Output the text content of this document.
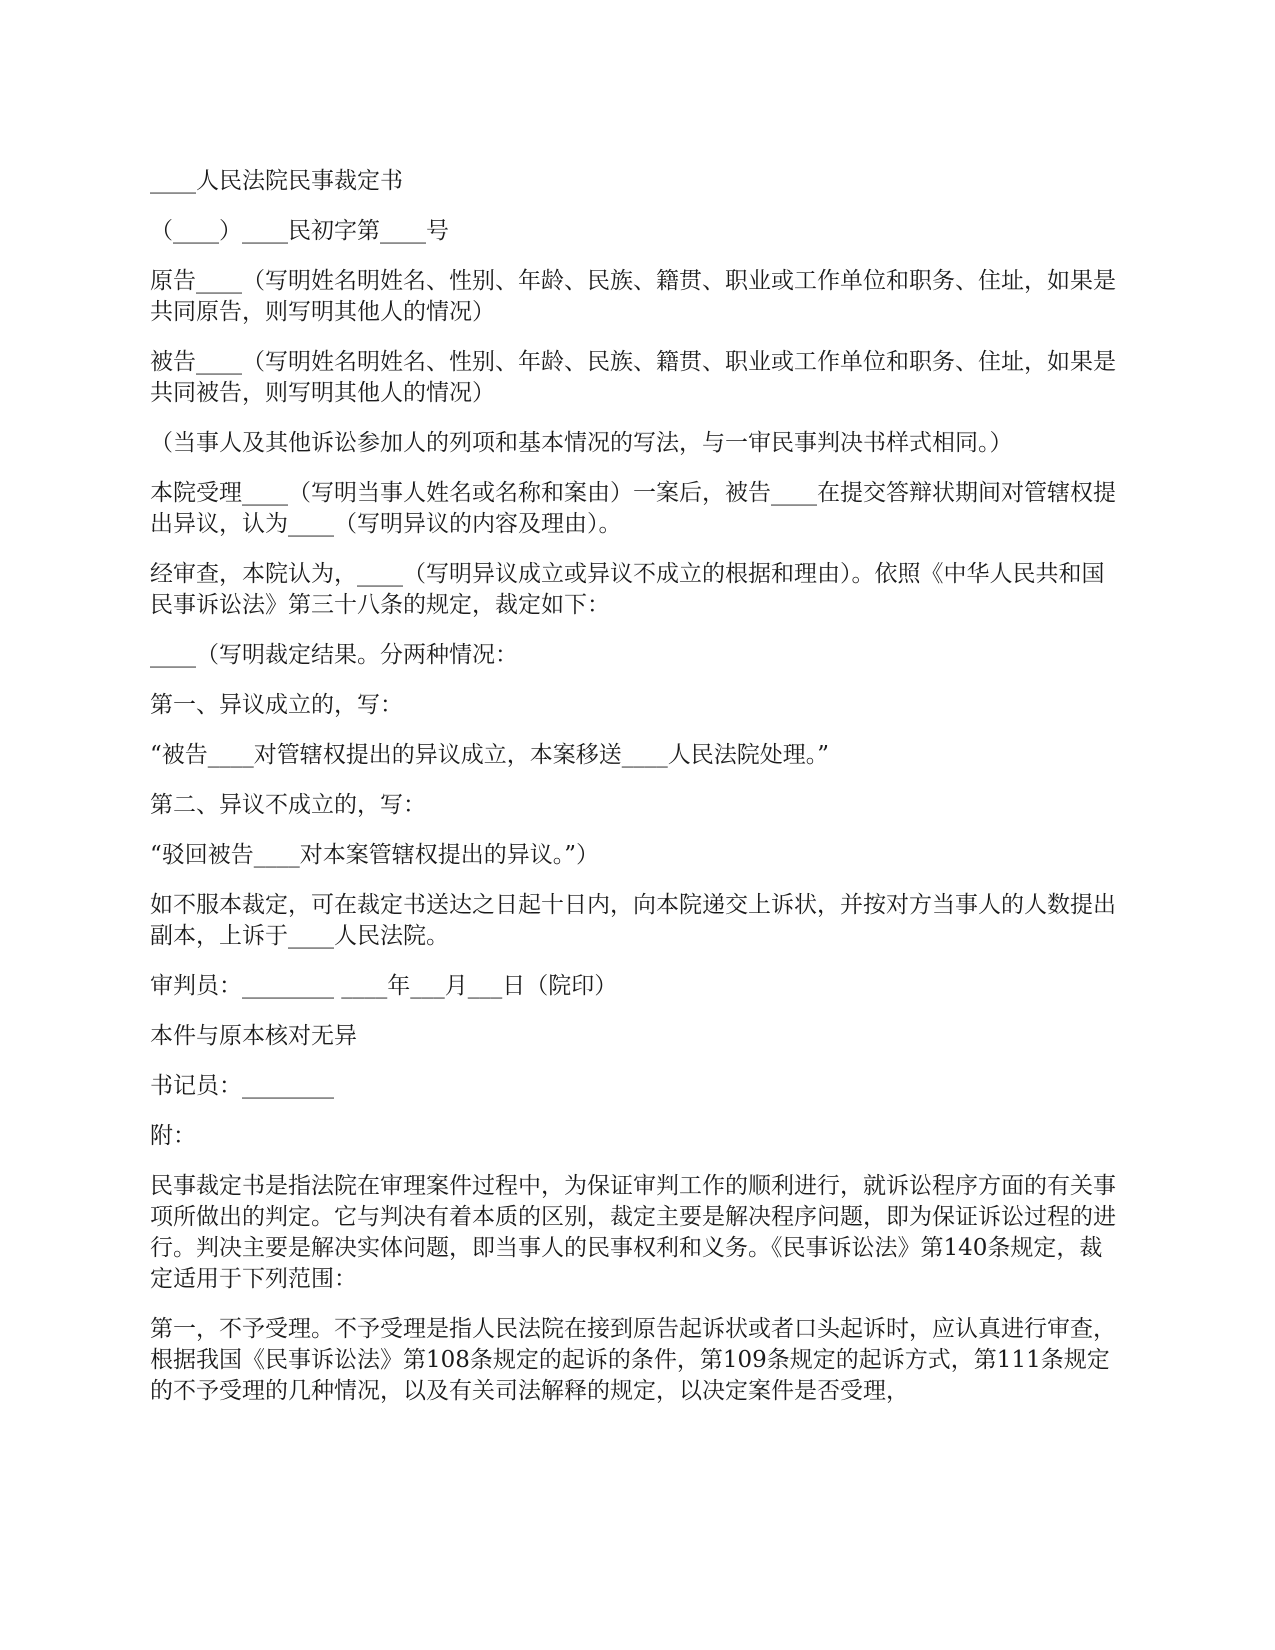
____人民法院民事裁定书

（____）____民初字第____号

原告____（写明姓名明姓名、性别、年龄、民族、籍贯、职业或工作单位和职务、住址，如果是共同原告，则写明其他人的情况）

被告____（写明姓名明姓名、性别、年龄、民族、籍贯、职业或工作单位和职务、住址，如果是共同被告，则写明其他人的情况）

（当事人及其他诉讼参加人的列项和基本情况的写法，与一审民事判决书样式相同。）

本院受理____（写明当事人姓名或名称和案由）一案后，被告____在提交答辩状期间对管辖权提出异议，认为____（写明异议的内容及理由）。

经审查，本院认为，____（写明异议成立或异议不成立的根据和理由）。依照《中华人民共和国民事诉讼法》第三十八条的规定，裁定如下：

____（写明裁定结果。分两种情况：

第一、异议成立的，写：

“被告____对管辖权提出的异议成立，本案移送____人民法院处理。”

第二、异议不成立的，写：

“驳回被告____对本案管辖权提出的异议。”）

如不服本裁定，可在裁定书送达之日起十日内，向本院递交上诉状，并按对方当事人的人数提出副本，上诉于____人民法院。

审判员：________ ____年___月___日（院印）

本件与原本核对无异

书记员：________

附：

民事裁定书是指法院在审理案件过程中，为保证审判工作的顺利进行，就诉讼程序方面的有关事项所做出的判定。它与判决有着本质的区别，裁定主要是解决程序问题，即为保证诉讼过程的进行。判决主要是解决实体问题，即当事人的民事权利和义务。《民事诉讼法》第140条规定，裁定适用于下列范围：

第一，不予受理。不予受理是指人民法院在接到原告起诉状或者口头起诉时，应认真进行审查，根据我国《民事诉讼法》第108条规定的起诉的条件，第109条规定的起诉方式，第111条规定的不予受理的几种情况，以及有关司法解释的规定，以决定案件是否受理，
